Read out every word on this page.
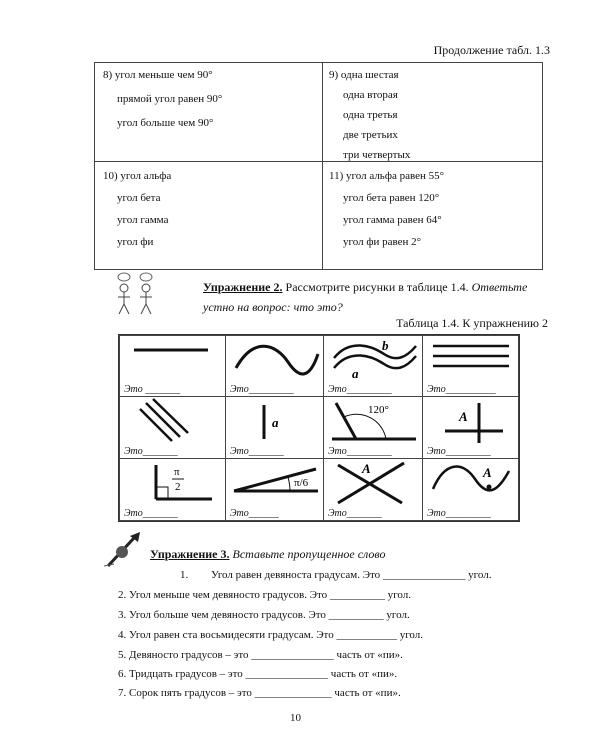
Продолжение табл. 1.3
8) угол меньше чем 90°
прямой угол равен 90°
угол больше чем 90°
9) одна шестая
одна вторая
одна третья
две третьих
три четвертых
10) угол альфа
угол бета
угол гамма
угол фи
11) угол альфа равен 55°
угол бета равен 120°
угол гамма равен 64°
угол фи равен 2°
Упражнение 2. Рассмотрите рисунки в таблице 1.4. Ответьте устно на вопрос: что это?
Таблица 1.4. К упражнению 2
Это _______	Это_________
b
a
Это_________	Это__________
Это_______
a
Это_______
120°
Это_________
A
Это_________
π
2
Это_______
π/6
Это______
A
Это_______
A
Это_________
Упражнение 3. Вставьте пропущенное слово
1. Угол равен девяноста градусам. Это _______________ угол.
2. Угол меньше чем девяносто градусов. Это __________ угол.
3. Угол больше чем девяносто градусов. Это __________ угол.
4. Угол равен ста восьмидесяти градусам. Это ___________ угол.
5. Девяносто градусов – это _______________ часть от «пи».
6. Тридцать градусов – это _______________ часть от «пи».
7. Сорок пять градусов – это ______________ часть от «пи».
10
